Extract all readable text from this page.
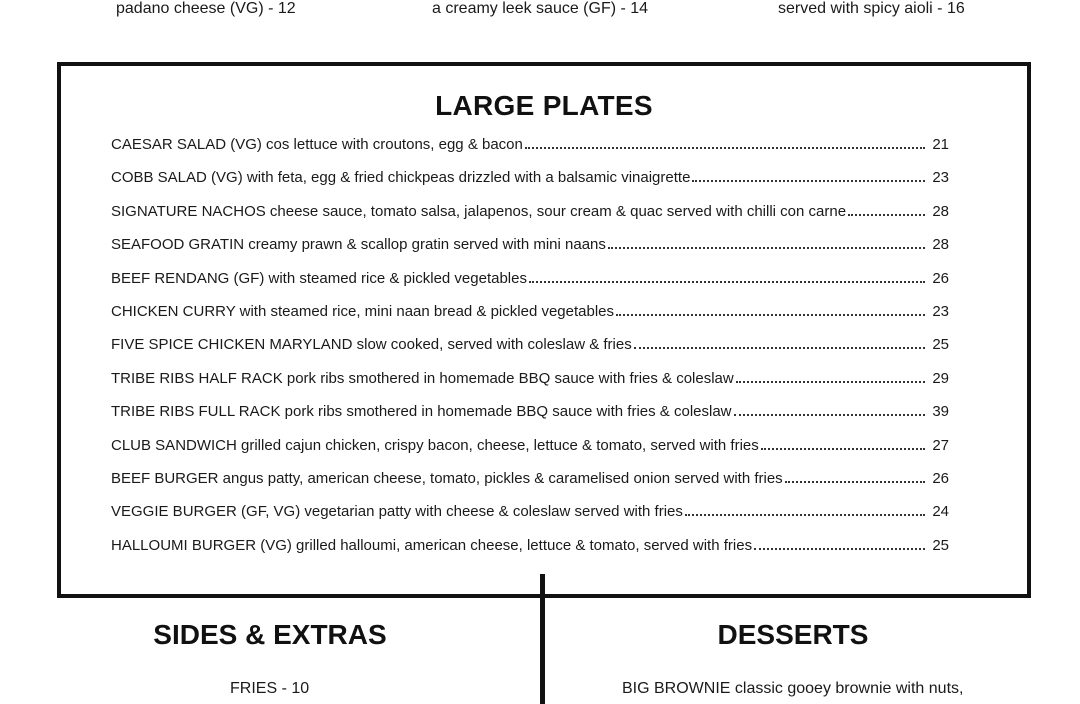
padano cheese (VG) - 12	a creamy leek sauce (GF) - 14	served with spicy aioli - 16
LARGE PLATES
CAESAR SALAD (VG) cos lettuce with croutons, egg & bacon	21
COBB SALAD (VG) with feta, egg & fried chickpeas drizzled with a balsamic vinaigrette	23
SIGNATURE NACHOS cheese sauce, tomato salsa, jalapenos, sour cream & quac served with chilli con carne	28
SEAFOOD GRATIN creamy prawn & scallop gratin served with mini naans	28
BEEF RENDANG (GF) with steamed rice & pickled vegetables	26
CHICKEN CURRY with steamed rice, mini naan bread & pickled vegetables	23
FIVE SPICE CHICKEN MARYLAND slow cooked, served with coleslaw & fries	25
TRIBE RIBS HALF RACK pork ribs smothered in homemade BBQ sauce with fries & coleslaw	29
TRIBE RIBS FULL RACK pork ribs smothered in homemade BBQ sauce with fries & coleslaw	39
CLUB SANDWICH grilled cajun chicken, crispy bacon, cheese, lettuce & tomato, served with fries	27
BEEF BURGER angus patty, american cheese, tomato, pickles & caramelised onion served with fries	26
VEGGIE BURGER (GF, VG) vegetarian patty with cheese & coleslaw served with fries	24
HALLOUMI BURGER (VG) grilled halloumi, american cheese, lettuce & tomato, served with fries	25
SIDES & EXTRAS
FRIES - 10
DESSERTS
BIG BROWNIE classic gooey brownie with nuts,
